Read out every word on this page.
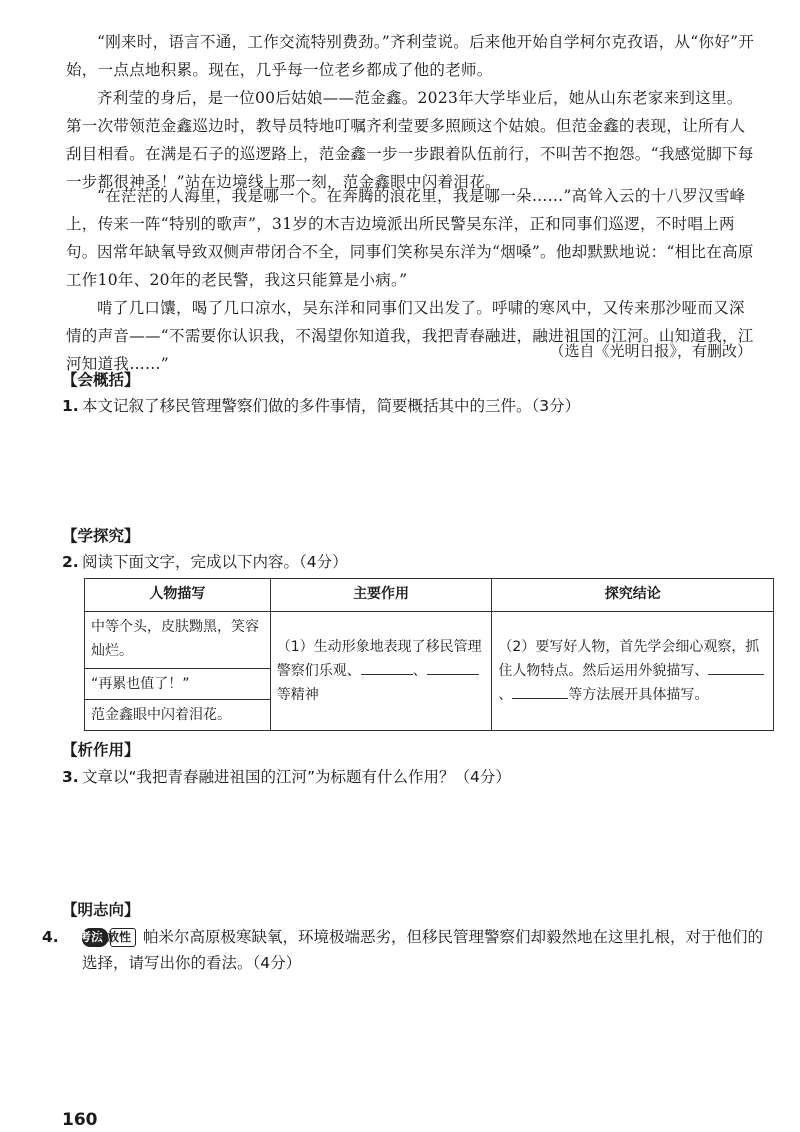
“刚来时，语言不通，工作交流特别费劲。”齐利莹说。后来他开始自学柯尔克孜语，从“你好”开始，一点点地积累。现在，几乎每一位老乡都成了他的老师。

齐利莹的身后，是一位00后姑娘——范金鑫。2023年大学毕业后，她从山东老家来到这里。第一次带领范金鑫巡边时，教导员特地叮嘱齐利莹要多照顾这个姑娘。但范金鑫的表现，让所有人刮目相看。在满是石子的巡逻路上，范金鑫一步一步跟着队伍前行，不叫苦不抱怨。“我感觉脚下每一步都很神圣！”站在边境线上那一刻，范金鑫眼中闪着泪花。

“在茫茫的人海里，我是哪一个。在奔腾的浪花里，我是哪一朵……”高耸入云的十八罗汉雪峰上，传来一阵“特别的歌声”，31岁的木吉边境派出所民警吴东洋，正和同事们巡逻，不时唱上两句。 因常年缺氧导致双侧声带闭合不全，同事们笑称吴东洋为“烟嗓”。他却默默地说：“相比在高原工作10年、20年的老民警，我这只能算是小病。”

啃了几口馕，喝了几口凉水，吴东洋和同事们又出发了。呼啸的寒风中，又传来那沙哑而又深情的声音——“不需要你认识我，不渴望你知道我，我把青春融进，融进祖国的江河。山知道我，江河知道我……”

（选自《光明日报》，有删改）

【会概括】

1. 本文记叙了移民管理警察们做的多件事情，简要概括其中的三件。（3分）

【学探究】

2. 阅读下面文字，完成以下内容。（4分）

人物描写	主要作用	探究结论
中等个头，皮肤黝黑，笑容灿烂。	（1）生动形象地表现了移民管理警察们乐观、 、等精神	（2）要写好人物，首先学会细心观察，抓住人物特点。然后运用外貌描写、、 等方法展开具体描写。
“再累也值了！”		
范金鑫眼中闪着泪花。		

【析作用】

3. 文章以“我把青春融进祖国的江河”为标题有什么作用？（4分）

【明志向】

4. 新考法开放性 帕米尔高原极寒缺氧，环境极端恶劣，但移民管理警察们却毅然地在这里扎根，对于他们的选择，请写出你的看法。（4分）

160
